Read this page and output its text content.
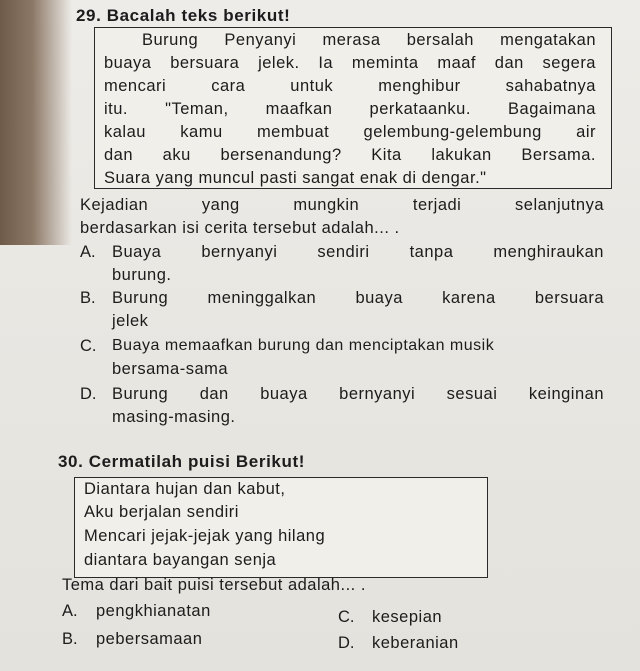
29. Bacalah teks berikut!
Burung Penyanyi merasa bersalah mengatakan
buaya bersuara jelek. Ia meminta maaf dan segera
mencari cara untuk menghibur sahabatnya
itu. "Teman, maafkan perkataanku. Bagaimana
kalau kamu membuat gelembung-gelembung air
dan aku bersenandung? Kita lakukan Bersama.
Suara yang muncul pasti sangat enak di dengar."
Kejadian yang mungkin terjadi selanjutnya
berdasarkan isi cerita tersebut adalah... .
A. Buaya bernyanyi sendiri tanpa menghiraukan
burung.
B. Burung meninggalkan buaya karena bersuara
jelek
C. Buaya memaafkan burung dan menciptakan musik
bersama-sama
D. Burung dan buaya bernyanyi sesuai keinginan
masing-masing.
30. Cermatilah puisi Berikut!
Diantara hujan dan kabut,
Aku berjalan sendiri
Mencari jejak-jejak yang hilang
diantara bayangan senja
Tema dari bait puisi tersebut adalah... .
A. pengkhianatan	C. kesepian
B. pebersamaan	D. keberanian
